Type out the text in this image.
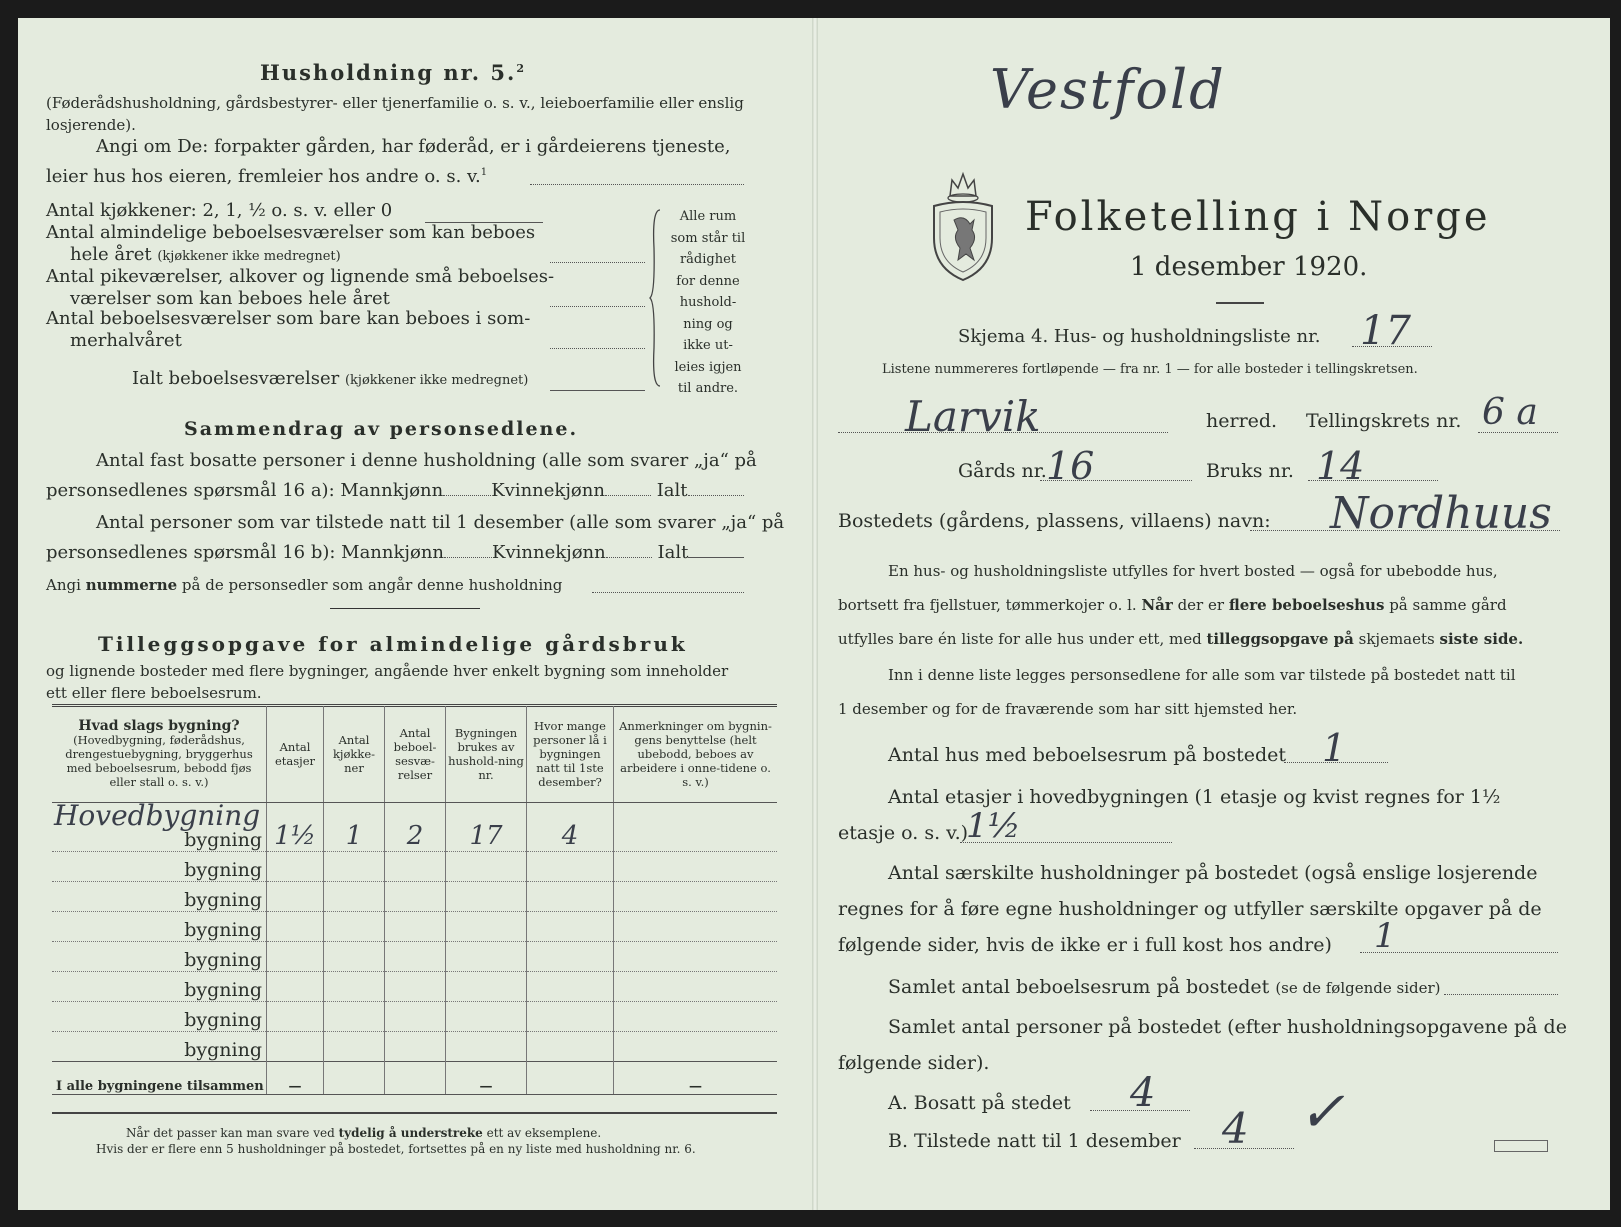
Husholdning nr. 5.$^2$
(Føderådshusholdning, gårdsbestyrer- eller tjenerfamilie o. s. v., leieboerfamilie eller enslig losjerende).
Angi om De: forpakter gården, har føderåd, er i gårdeierens tjeneste,
leier hus hos eieren, fremleier hos andre o. s. v.$^1$
Antal kjøkkener: 2, 1, ½ o. s. v. eller 0
Antal almindelige beboelsesværelser som kan beboes
hele året (kjøkkener ikke medregnet)
Antal pikeværelser, alkover og lignende små beboelses-
værelser som kan beboes hele året
Antal beboelsesværelser som bare kan beboes i som-
merhalvåret
Ialt beboelsesværelser (kjøkkener ikke medregnet)
Alle rum
som står til
rådighet
for denne
hushold-
ning og
ikke ut-
leies igjen
til andre.
Sammendrag av personsedlene.
Antal fast bosatte personer i denne husholdning (alle som svarer „ja“ på
personsedlenes spørsmål 16 a): Mannkjønn	Kvinnekjønn	Ialt
Antal personer som var tilstede natt til 1 desember (alle som svarer „ja“ på
personsedlenes spørsmål 16 b): Mannkjønn	Kvinnekjønn	Ialt
Angi nummerne på de personsedler som angår denne husholdning
Tilleggsopgave for almindelige gårdsbruk
og lignende bosteder med flere bygninger, angående hver enkelt bygning som inneholder
ett eller flere beboelsesrum.
Hvad slags bygning?
(Hovedbygning, føderådshus, drengestuebygning, bryggerhus med beboelsesrum, bebodd fjøs eller stall o. s. v.)	Antal etasjer	Antal kjøkke-ner	Antal beboel-sesvæ-relser	Bygningen brukes av hushold-ning nr.	Hvor mange personer lå i bygningen natt til 1ste desember?	Anmerkninger om bygnin-gens benyttelse (helt ubebodd, beboes av arbeidere i onne-tidene o. s. v.)

Hovedbygning
bygning	1½	1	2	17	4	

bygning						

bygning						

bygning						

bygning						

bygning						

bygning						

bygning						
I alle bygningene tilsammen	—			—		—
Når det passer kan man svare ved tydelig å understreke ett av eksemplene.
Hvis der er flere enn 5 husholdninger på bostedet, fortsettes på en ny liste med husholdning nr. 6.
Vestfold
Folketelling i Norge
1 desember 1920.
Skjema 4. Hus- og husholdningsliste nr. 17
Listene nummereres fortløpende — fra nr. 1 — for alle bosteder i tellingskretsen.
Larvik	herred. Tellingskrets nr. 6 a
Gårds nr. 16	Bruks nr. 14
Bostedets (gårdens, plassens, villaens) navn: Nordhuus
En hus- og husholdningsliste utfylles for hvert bosted — også for ubebodde hus,
bortsett fra fjellstuer, tømmerkojer o. l. Når der er flere beboelseshus på samme gård
utfylles bare én liste for alle hus under ett, med tilleggsopgave på skjemaets siste side.
Inn i denne liste legges personsedlene for alle som var tilstede på bostedet natt til
1 desember og for de fraværende som har sitt hjemsted her.
Antal hus med beboelsesrum på bostedet 1
Antal etasjer i hovedbygningen (1 etasje og kvist regnes for 1½
etasje o. s. v.)
1½
Antal særskilte husholdninger på bostedet (også enslige losjerende
regnes for å føre egne husholdninger og utfyller særskilte opgaver på de
følgende sider, hvis de ikke er i full kost hos andre) 1
Samlet antal beboelsesrum på bostedet (se de følgende sider)
Samlet antal personer på bostedet (efter husholdningsopgavene på de
følgende sider).
A. Bosatt på stedet 4
B. Tilstede natt til 1 desember 4 ✓
